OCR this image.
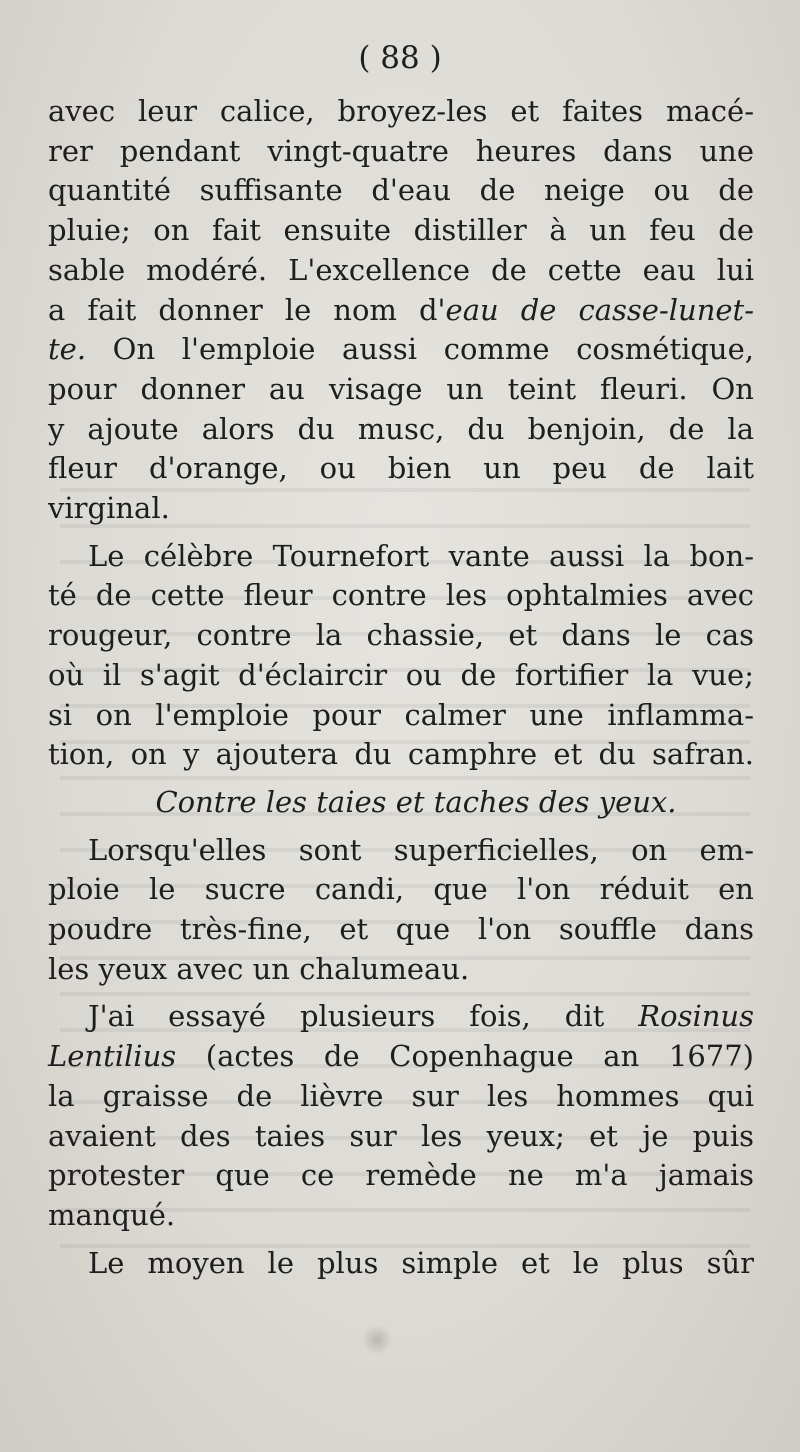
( 88 )
avec leur calice, broyez-les et faites macé-
rer pendant vingt-quatre heures dans une
quantité suffisante d'eau de neige ou de
pluie; on fait ensuite distiller à un feu de
sable modéré. L'excellence de cette eau lui
a fait donner le nom d'eau de casse-lunet-
te. On l'emploie aussi comme cosmétique,
pour donner au visage un teint fleuri. On
y ajoute alors du musc, du benjoin, de la
fleur d'orange, ou bien un peu de lait
virginal.
Le célèbre Tournefort vante aussi la bon-
té de cette fleur contre les ophtalmies avec
rougeur, contre la chassie, et dans le cas
où il s'agit d'éclaircir ou de fortifier la vue;
si on l'emploie pour calmer une inflamma-
tion, on y ajoutera du camphre et du safran.
Contre les taies et taches des yeux.
Lorsqu'elles sont superficielles, on em-
ploie le sucre candi, que l'on réduit en
poudre très-fine, et que l'on souffle dans
les yeux avec un chalumeau.
J'ai essayé plusieurs fois, dit Rosinus
Lentilius (actes de Copenhague an 1677)
la graisse de lièvre sur les hommes qui
avaient des taies sur les yeux; et je puis
protester que ce remède ne m'a jamais
manqué.
Le moyen le plus simple et le plus sûr
